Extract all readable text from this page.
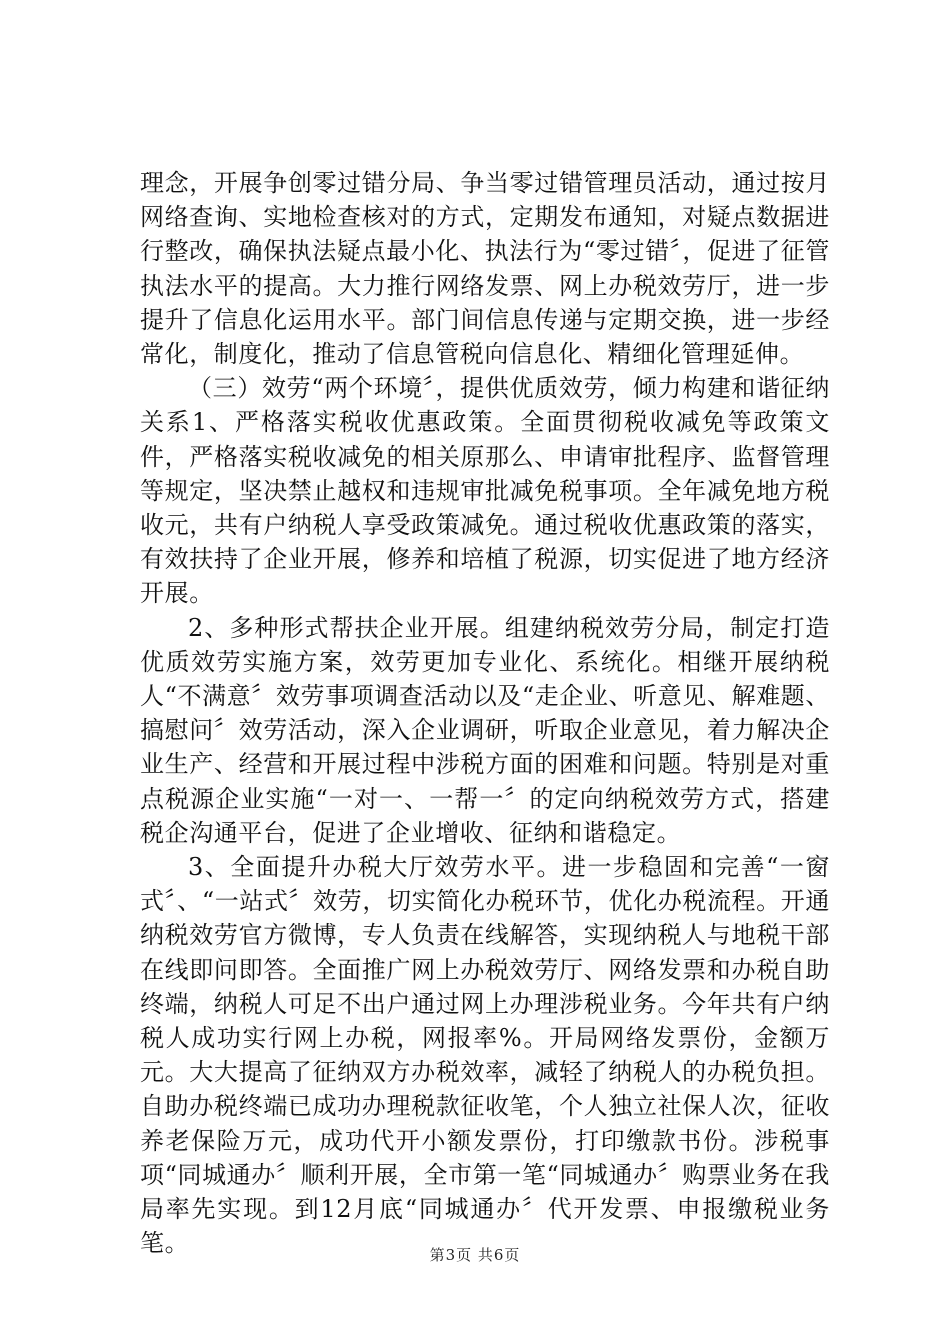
理念，开展争创零过错分局、争当零过错管理员活动，通过按月网络查询、实地检查核对的方式，定期发布通知，对疑点数据进行整改，确保执法疑点最小化、执法行为“零过错〞，促进了征管执法水平的提高。大力推行网络发票、网上办税效劳厅，进一步提升了信息化运用水平。部门间信息传递与定期交换，进一步经常化，制度化，推动了信息管税向信息化、精细化管理延伸。

（三）效劳“两个环境〞，提供优质效劳，倾力构建和谐征纳关系1、严格落实税收优惠政策。全面贯彻税收减免等政策文件，严格落实税收减免的相关原那么、申请审批程序、监督管理等规定，坚决禁止越权和违规审批减免税事项。全年减免地方税收元，共有户纳税人享受政策减免。通过税收优惠政策的落实，有效扶持了企业开展，修养和培植了税源，切实促进了地方经济开展。

2、多种形式帮扶企业开展。组建纳税效劳分局，制定打造优质效劳实施方案，效劳更加专业化、系统化。相继开展纳税人“不满意〞效劳事项调查活动以及“走企业、听意见、解难题、搞慰问〞效劳活动，深入企业调研，听取企业意见，着力解决企业生产、经营和开展过程中涉税方面的困难和问题。特别是对重点税源企业实施“一对一、一帮一〞的定向纳税效劳方式，搭建税企沟通平台，促进了企业增收、征纳和谐稳定。

3、全面提升办税大厅效劳水平。进一步稳固和完善“一窗式〞、“一站式〞效劳，切实简化办税环节，优化办税流程。开通纳税效劳官方微博，专人负责在线解答，实现纳税人与地税干部在线即问即答。全面推广网上办税效劳厅、网络发票和办税自助终端，纳税人可足不出户通过网上办理涉税业务。今年共有户纳税人成功实行网上办税，网报率%。开局网络发票份，金额万元。大大提高了征纳双方办税效率，减轻了纳税人的办税负担。自助办税终端已成功办理税款征收笔，个人独立社保人次，征收养老保险万元，成功代开小额发票份，打印缴款书份。涉税事项“同城通办〞顺利开展，全市第一笔“同城通办〞购票业务在我局率先实现。到12月底“同城通办〞代开发票、申报缴税业务笔。	第3页 共6页
